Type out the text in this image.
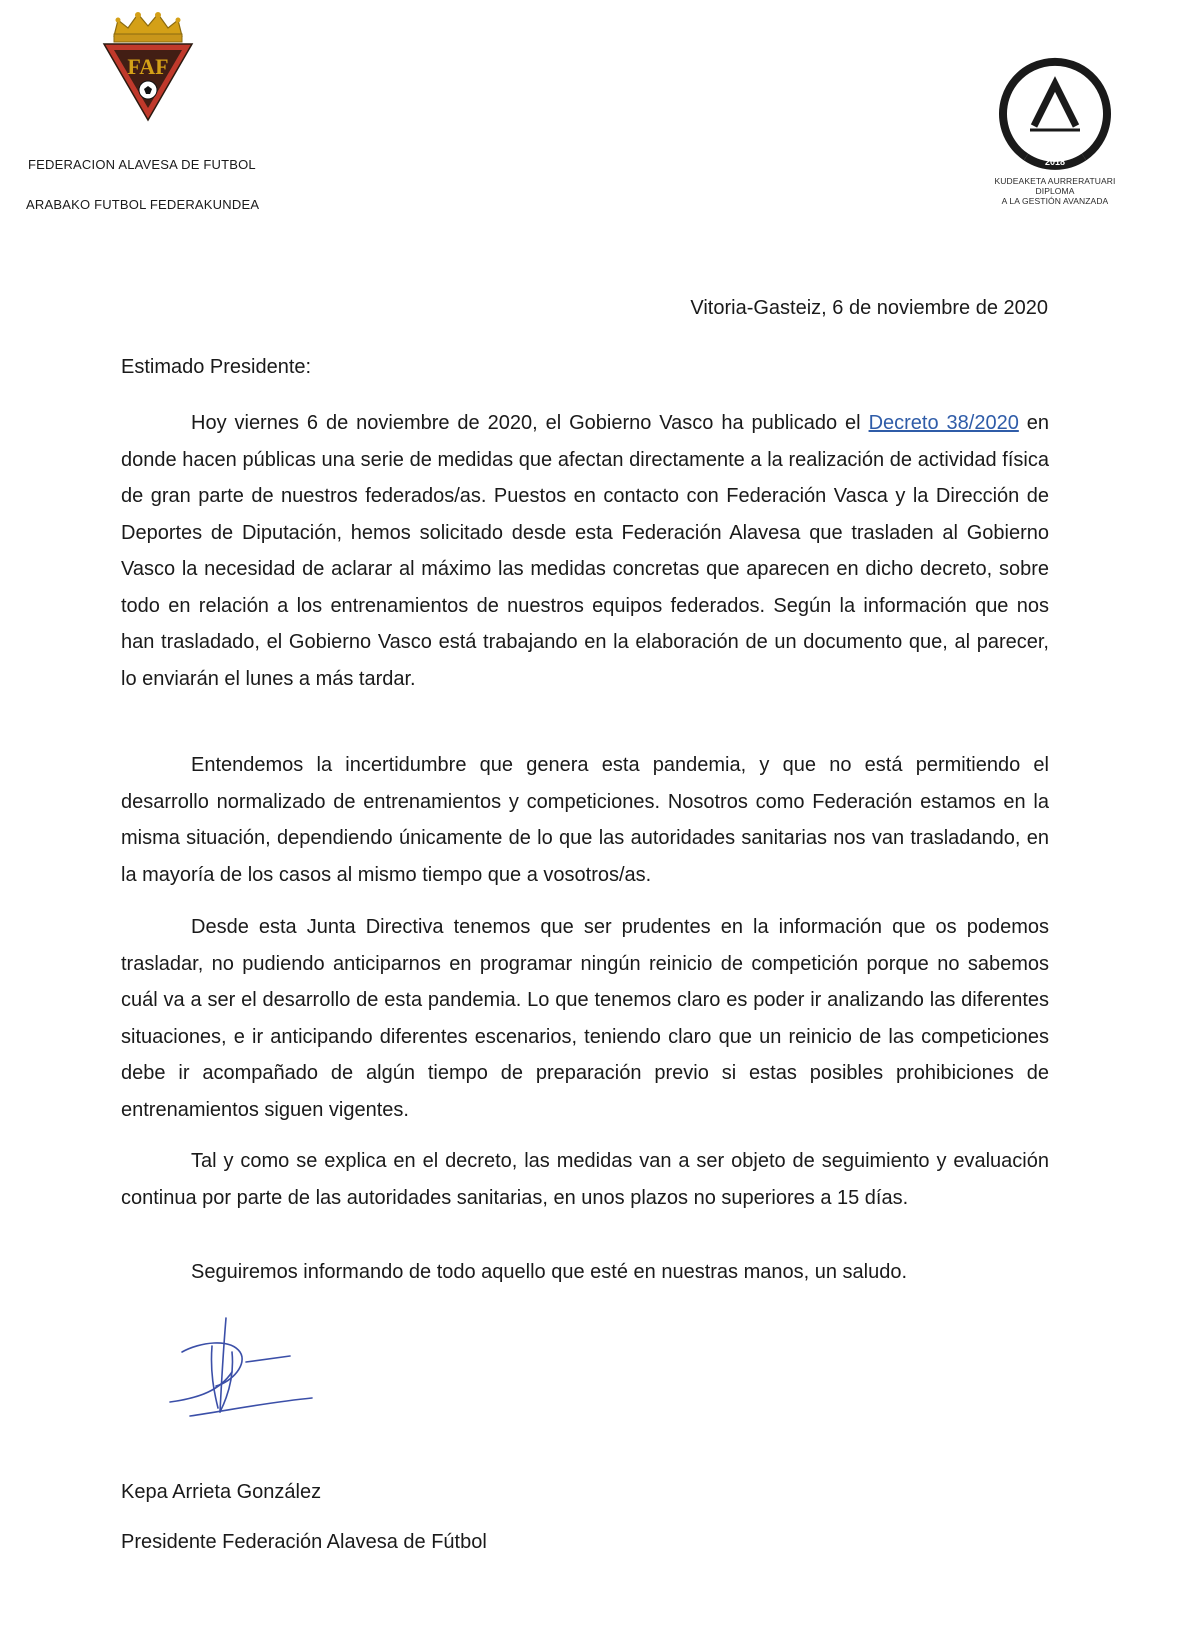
FAF
FEDERACION ALAVESA DE FUTBOL
ARABAKO FUTBOL FEDERAKUNDEA
2018
KUDEAKETA AURRERATUARI
DIPLOMA
A LA GESTIÓN AVANZADA
Vitoria-Gasteiz, 6 de noviembre de 2020
Estimado Presidente:

Hoy viernes 6 de noviembre de 2020, el Gobierno Vasco ha publicado el Decreto 38/2020 en donde hacen públicas una serie de medidas que afectan directamente a la realización de actividad física de gran parte de nuestros federados/as. Puestos en contacto con Federación Vasca y la Dirección de Deportes de Diputación, hemos solicitado desde esta Federación Alavesa que trasladen al Gobierno Vasco la necesidad de aclarar al máximo las medidas concretas que aparecen en dicho decreto, sobre todo en relación a los entrenamientos de nuestros equipos federados. Según la información que nos han trasladado, el Gobierno Vasco está trabajando en la elaboración de un documento que, al parecer, lo enviarán el lunes a más tardar.

Entendemos la incertidumbre que genera esta pandemia, y que no está permitiendo el desarrollo normalizado de entrenamientos y competiciones. Nosotros como Federación estamos en la misma situación, dependiendo únicamente de lo que las autoridades sanitarias nos van trasladando, en la mayoría de los casos al mismo tiempo que a vosotros/as.

Desde esta Junta Directiva tenemos que ser prudentes en la información que os podemos trasladar, no pudiendo anticiparnos en programar ningún reinicio de competición porque no sabemos cuál va a ser el desarrollo de esta pandemia. Lo que tenemos claro es poder ir analizando las diferentes situaciones, e ir anticipando diferentes escenarios, teniendo claro que un reinicio de las competiciones debe ir acompañado de algún tiempo de preparación previo si estas posibles prohibiciones de entrenamientos siguen vigentes.

Tal y como se explica en el decreto, las medidas van a ser objeto de seguimiento y evaluación continua por parte de las autoridades sanitarias, en unos plazos no superiores a 15 días.

Seguiremos informando de todo aquello que esté en nuestras manos, un saludo.

Kepa Arrieta González
Presidente Federación Alavesa de Fútbol
